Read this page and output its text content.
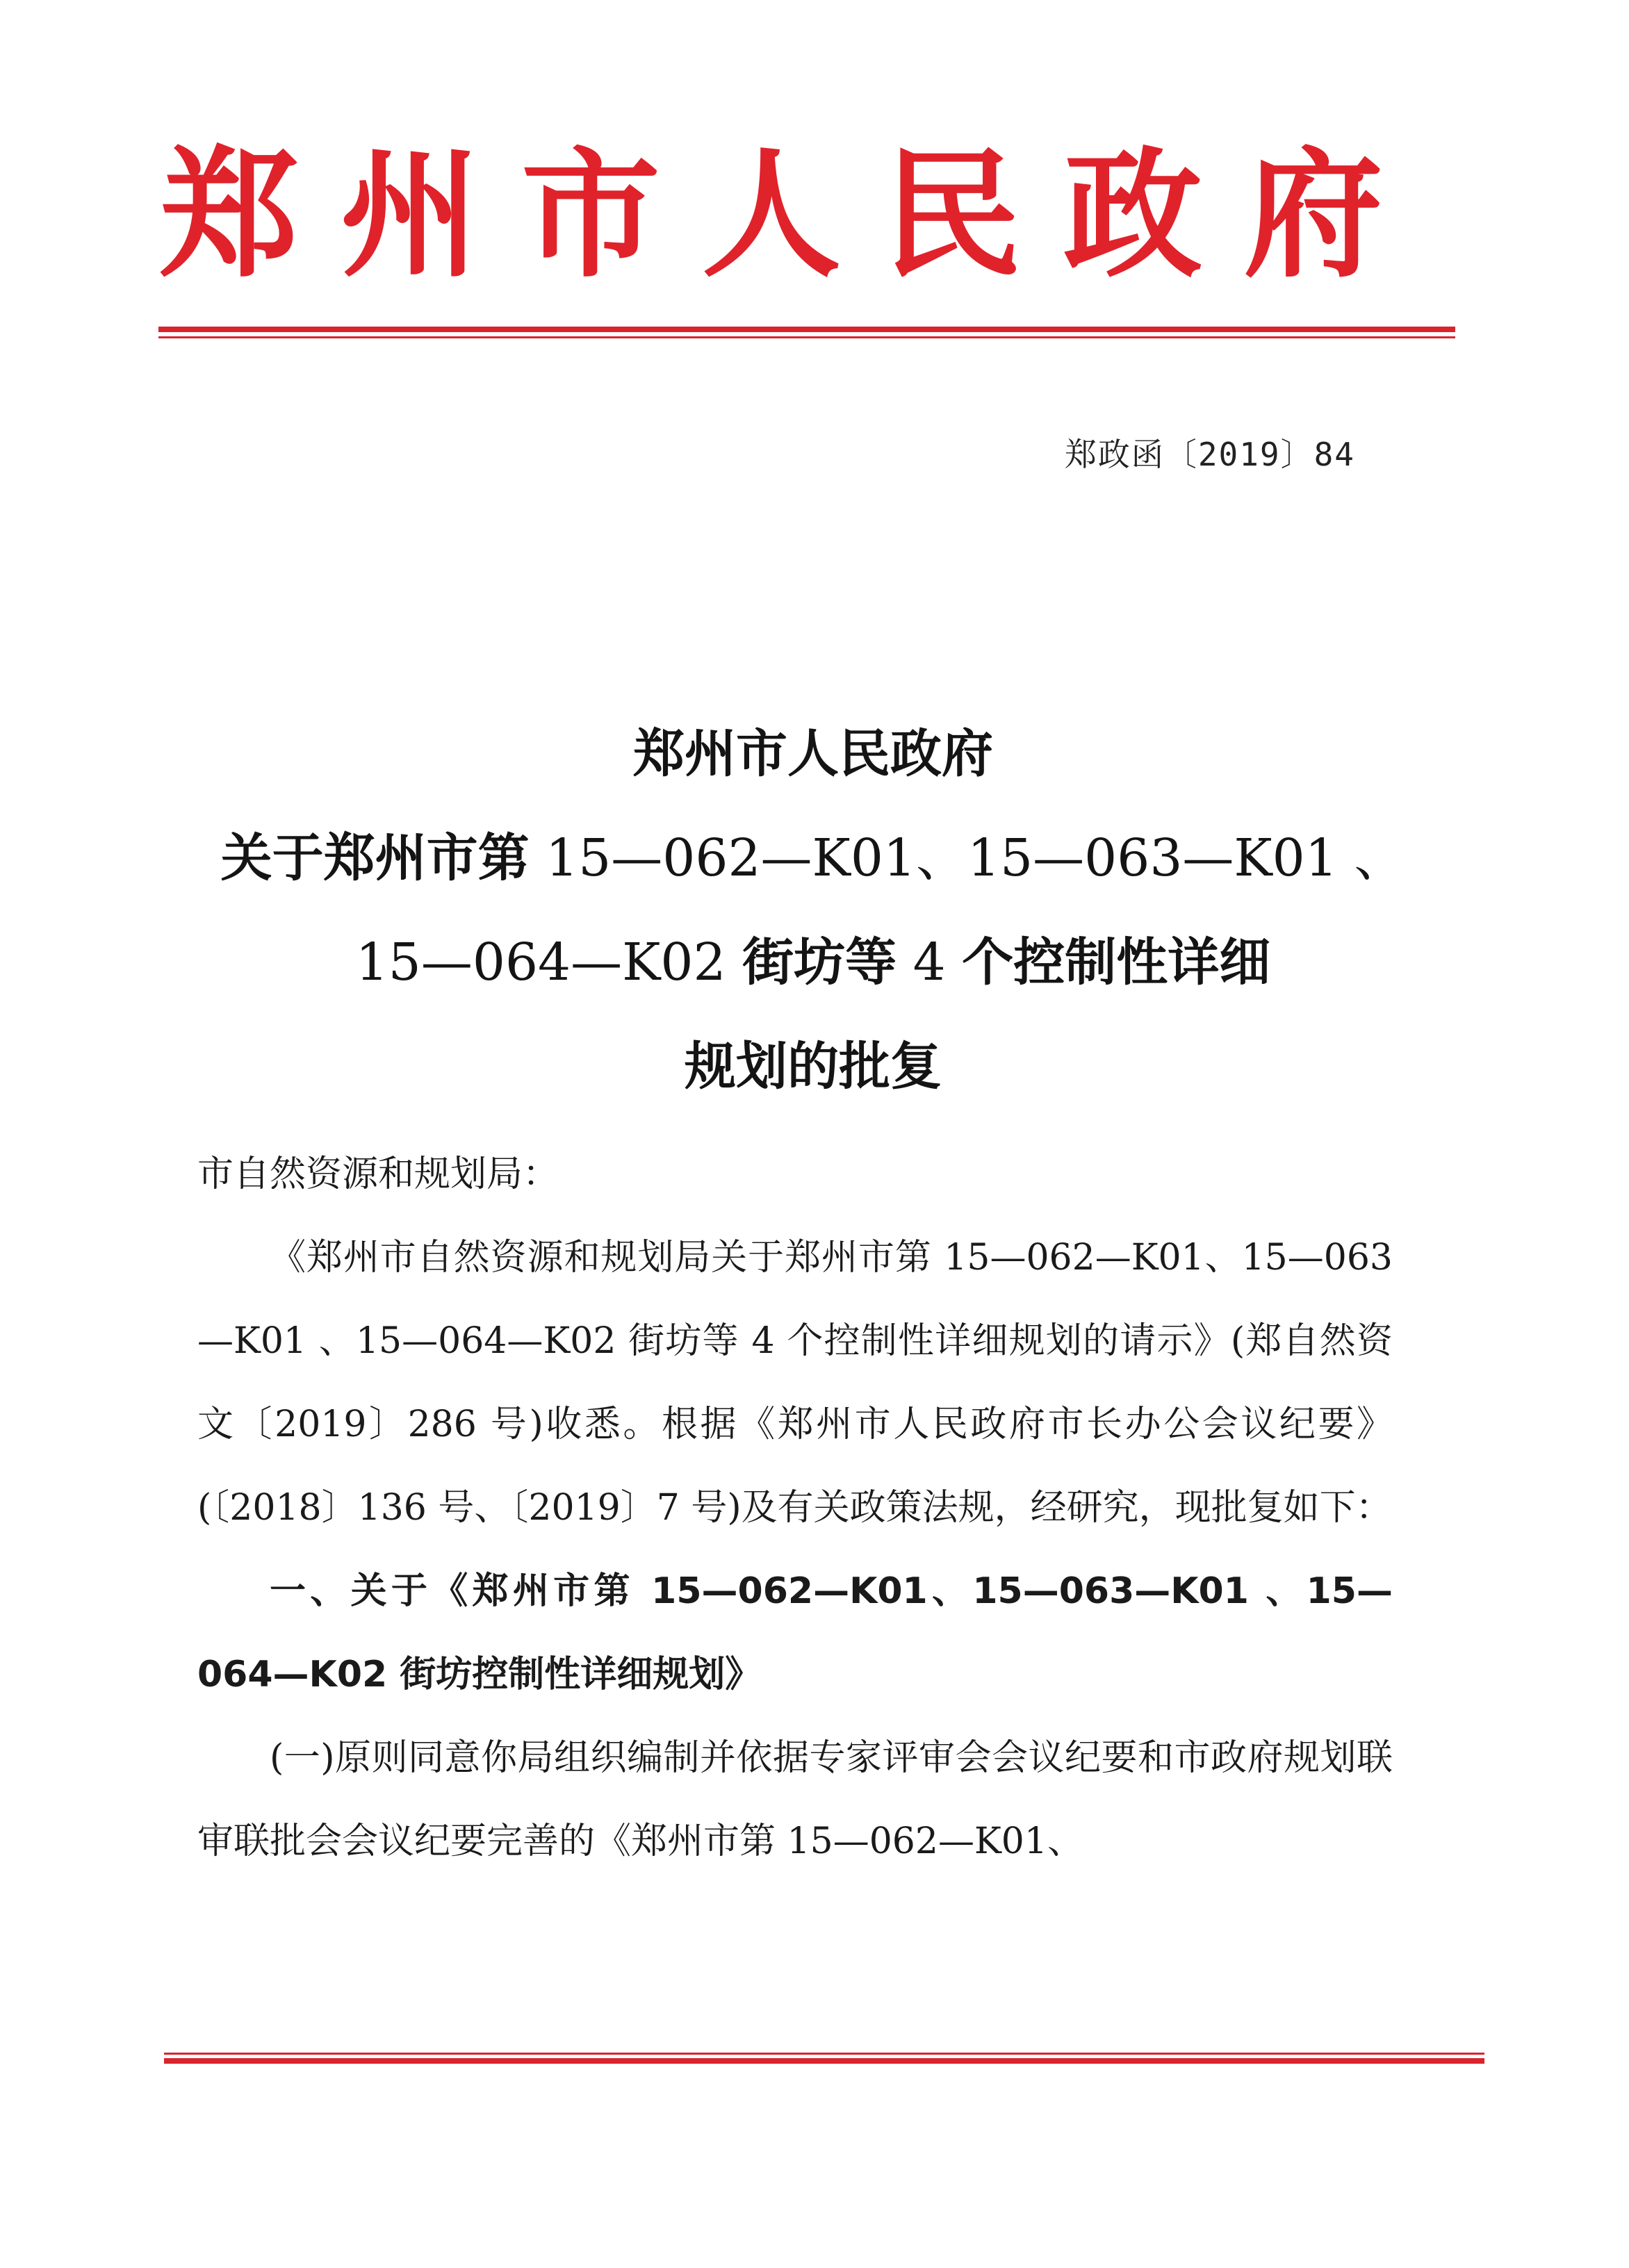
郑 州 市 人 民 政 府
郑政函〔2019〕84
郑州市人民政府
关于郑州市第 15—062—K01、15—063—K01 、
15—064—K02 街坊等 4 个控制性详细
规划的批复

市自然资源和规划局：

《郑州市自然资源和规划局关于郑州市第 15—062—K01、15—063—K01 、15—064—K02 街坊等 4 个控制性详细规划的请示》(郑自然资文〔2019〕286 号)收悉。根据《郑州市人民政府市长办公会议纪要》(〔2018〕136 号、〔2019〕7 号)及有关政策法规，经研究，现批复如下：

一、关于《郑州市第 15—062—K01、15—063—K01 、15—064—K02 街坊控制性详细规划》

(一)原则同意你局组织编制并依据专家评审会会议纪要和市政府规划联审联批会会议纪要完善的《郑州市第 15—062—K01、
